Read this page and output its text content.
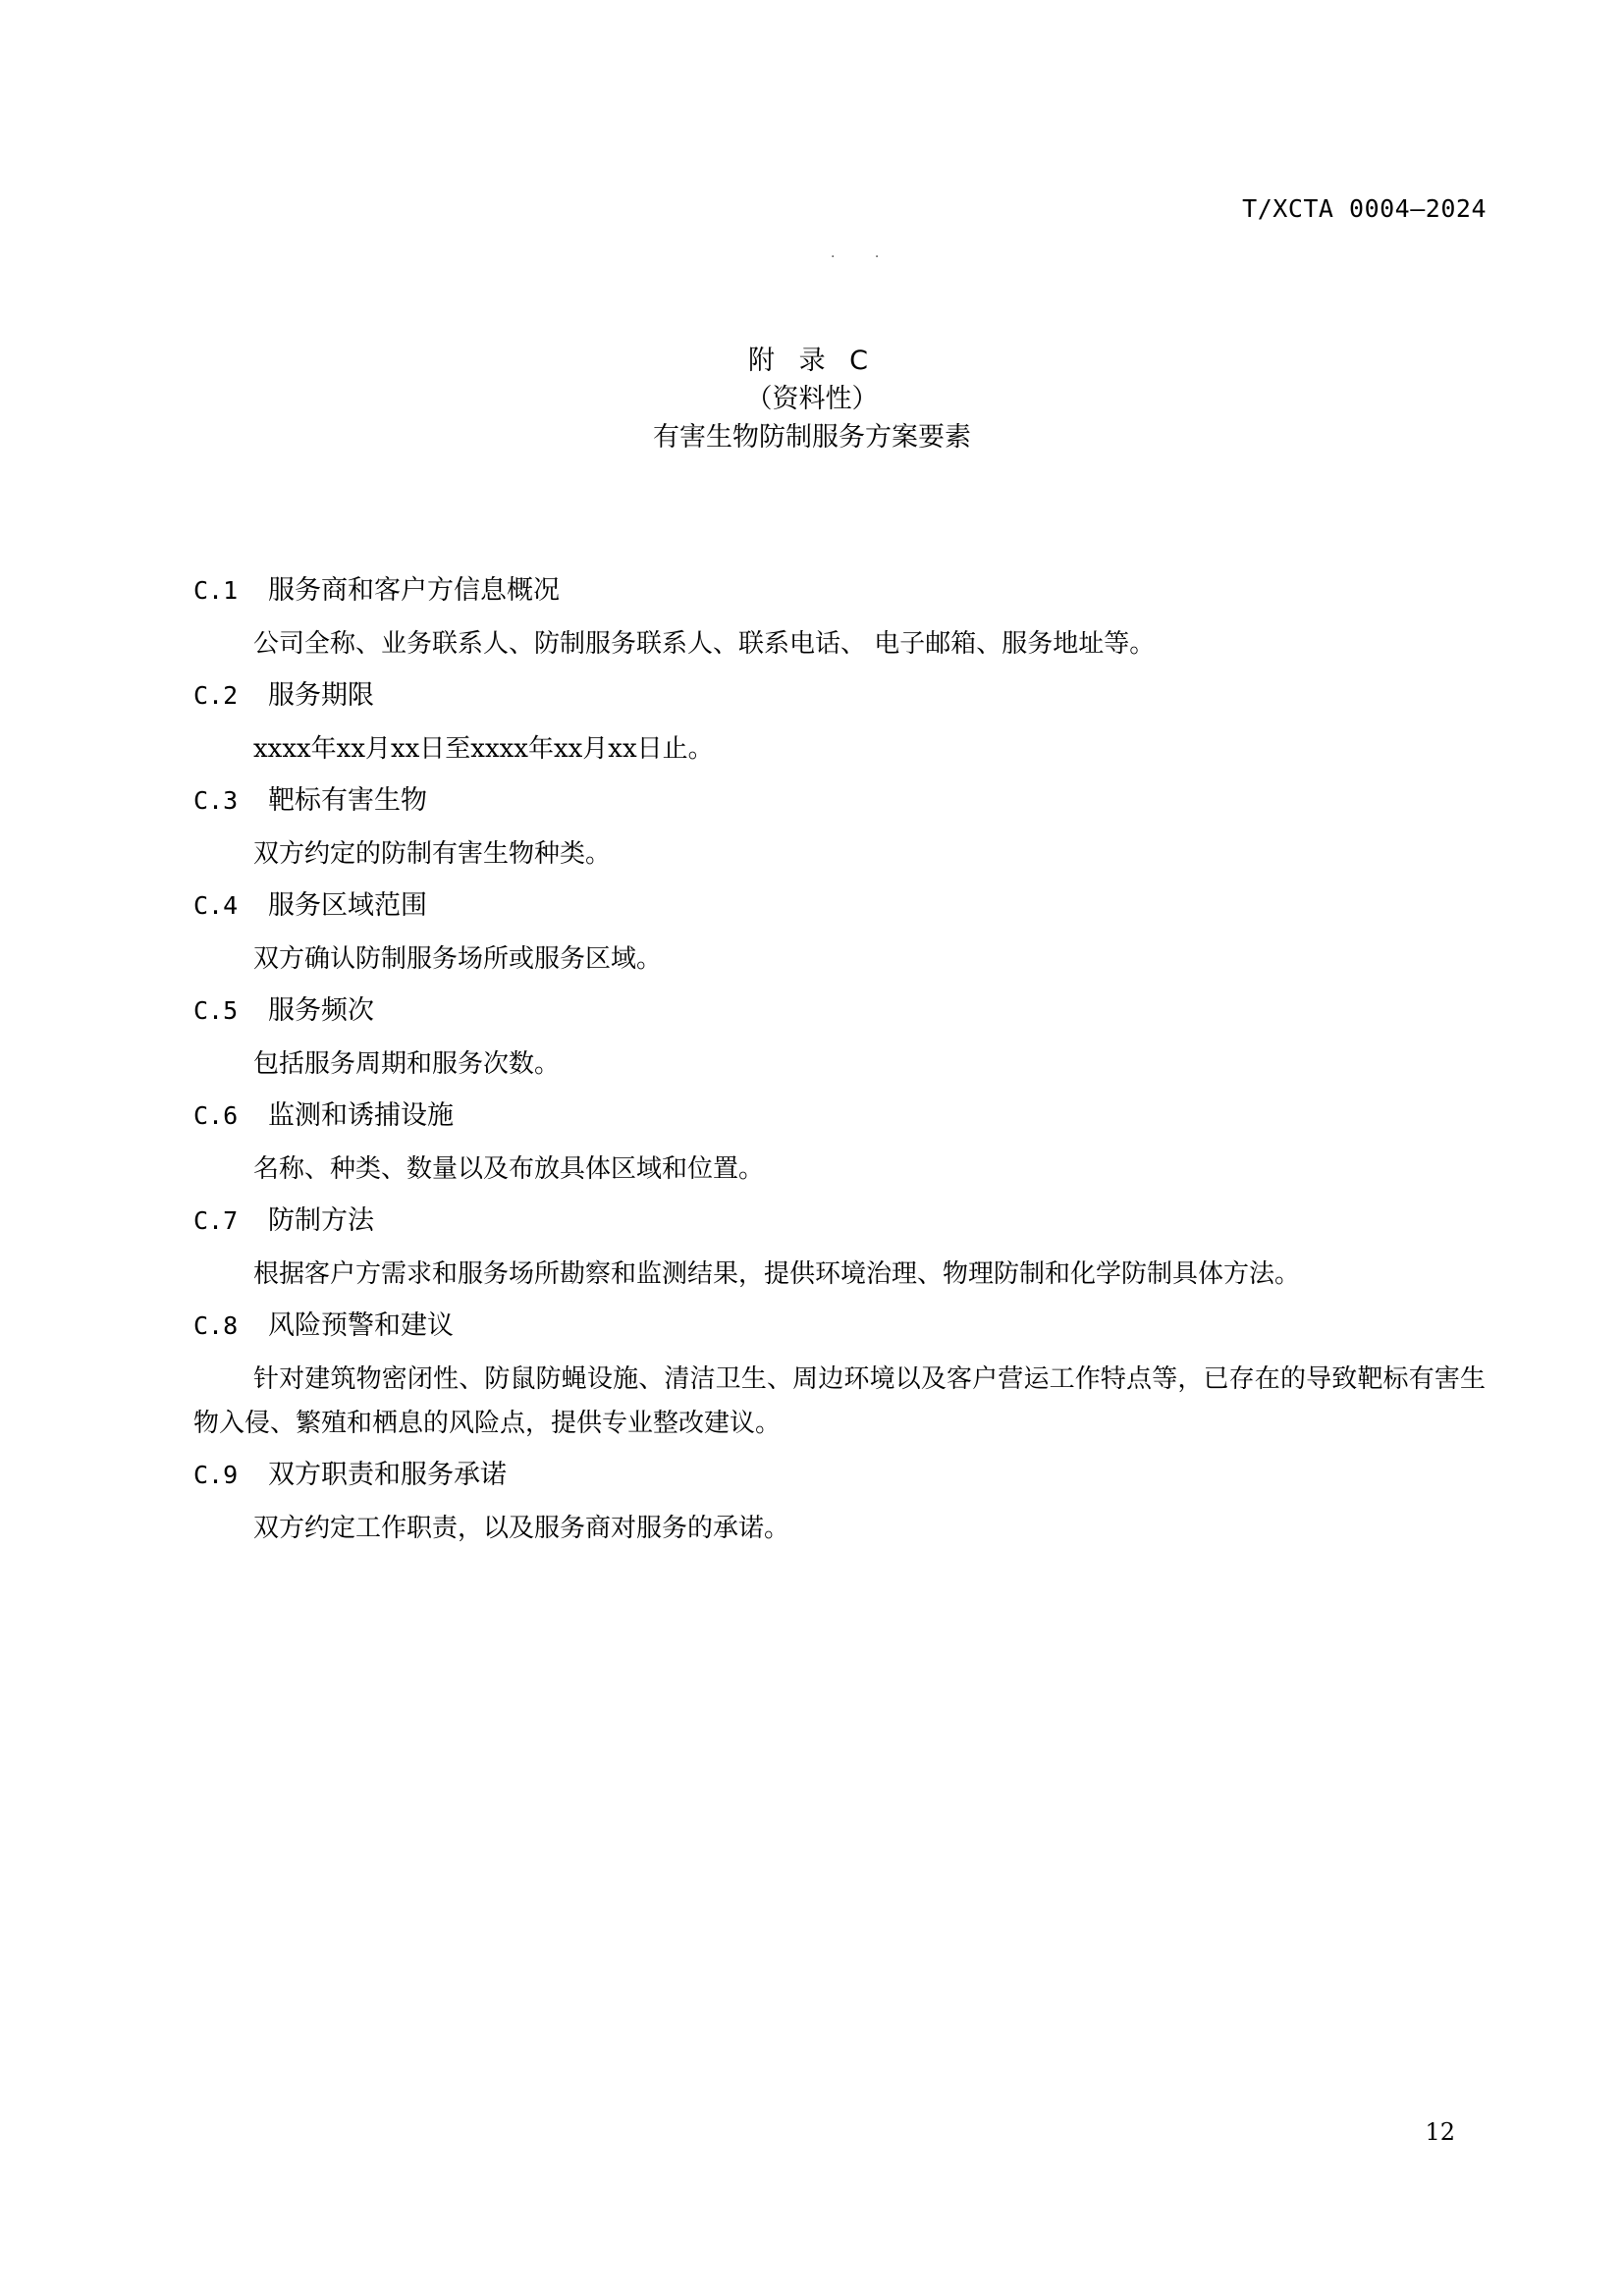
T/XCTA 0004—2024
· ·
附 录 C
（资料性）
有害生物防制服务方案要素
C.1	服务商和客户方信息概况
公司全称、业务联系人、防制服务联系人、联系电话、 电子邮箱、服务地址等。
C.2	服务期限
xxxx年xx月xx日至xxxx年xx月xx日止。
C.3	靶标有害生物
双方约定的防制有害生物种类。
C.4	服务区域范围
双方确认防制服务场所或服务区域。
C.5	服务频次
包括服务周期和服务次数。
C.6	监测和诱捕设施
名称、种类、数量以及布放具体区域和位置。
C.7	防制方法
根据客户方需求和服务场所勘察和监测结果，提供环境治理、物理防制和化学防制具体方法。
C.8	风险预警和建议
针对建筑物密闭性、防鼠防蝇设施、清洁卫生、周边环境以及客户营运工作特点等，已存在的导致靶标有害生物入侵、繁殖和栖息的风险点，提供专业整改建议。
C.9	双方职责和服务承诺
双方约定工作职责，以及服务商对服务的承诺。
12
